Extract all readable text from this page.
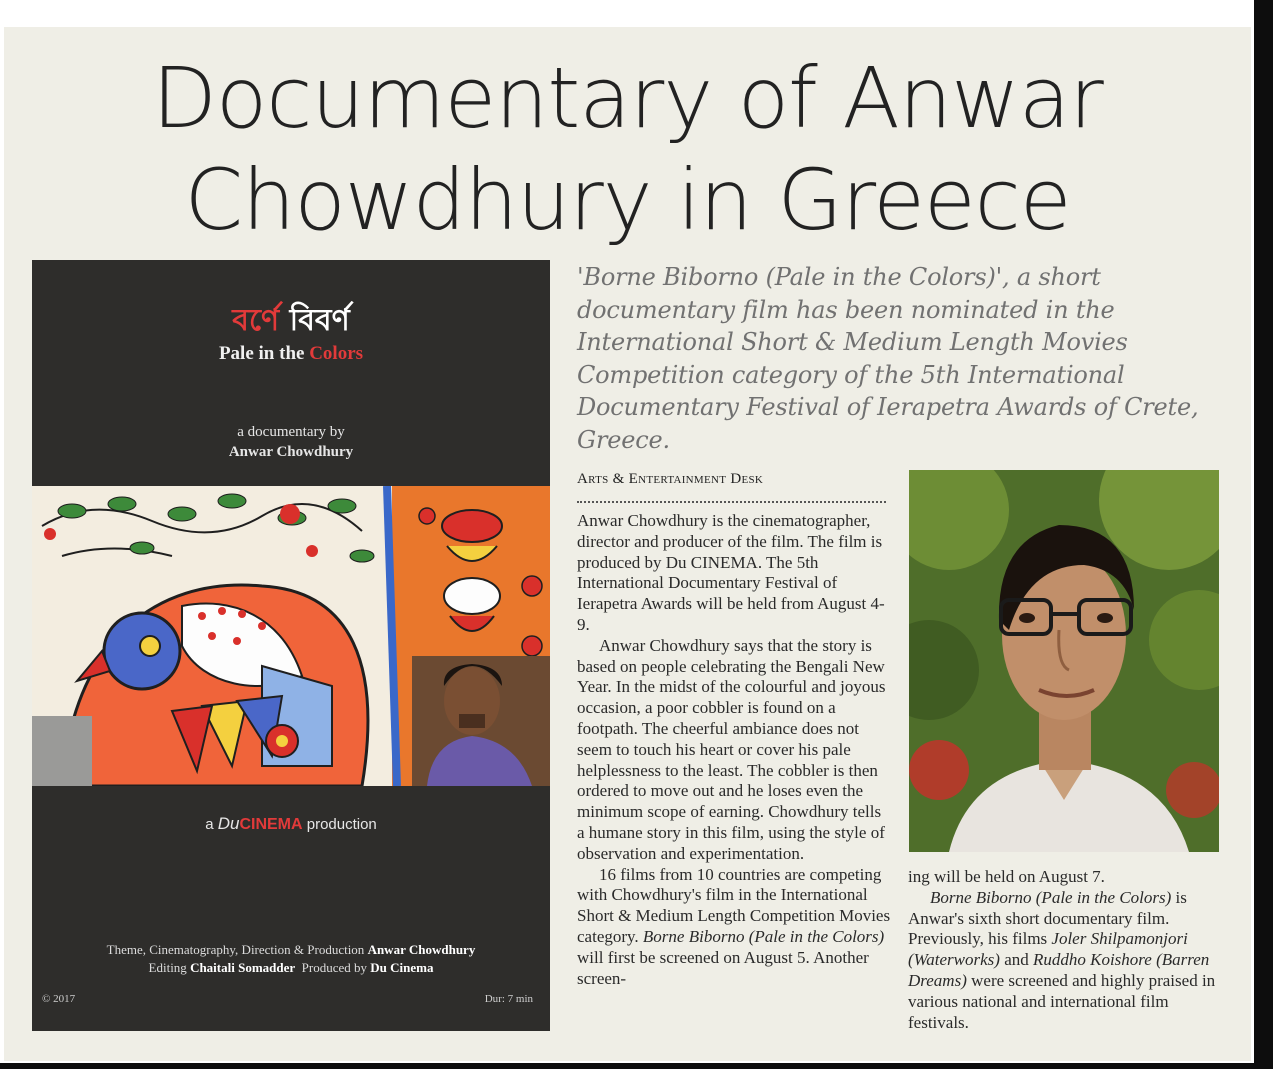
Documentary of Anwar
Chowdhury in Greece
বর্ণে বিবর্ণ
Pale in the Colors
a documentary by
Anwar Chowdhury
a DuCINEMA production
Theme, Cinematography, Direction & Production Anwar Chowdhury
Editing Chaitali Somadder Produced by Du Cinema
© 2017	Dur: 7 min

'Borne Biborno (Pale in the Colors)', a short documentary film has been nominated in the International Short & Medium Length Movies Competition category of the 5th International Documentary Festival of Ierapetra Awards of Crete, Greece.

Arts & Entertainment Desk

Anwar Chowdhury is the cinematographer, director and producer of the film. The film is produced by Du CINEMA. The 5th International Documentary Festival of Ierapetra Awards will be held from August 4-9.

Anwar Chowdhury says that the story is based on people celebrating the Bengali New Year. In the midst of the colourful and joyous occasion, a poor cobbler is found on a footpath. The cheerful ambiance does not seem to touch his heart or cover his pale helplessness to the least. The cobbler is then ordered to move out and he loses even the minimum scope of earning. Chowdhury tells a humane story in this film, using the style of observation and experimentation.

16 films from 10 countries are competing with Chowdhury's film in the International Short & Medium Length Competition Movies category. Borne Biborno (Pale in the Colors) will first be screened on August 5. Another screen-

ing will be held on August 7.

Borne Biborno (Pale in the Colors) is Anwar's sixth short documentary film. Previously, his films Joler Shilpamonjori (Waterworks) and Ruddho Koishore (Barren Dreams) were screened and highly praised in various national and international film festivals.
